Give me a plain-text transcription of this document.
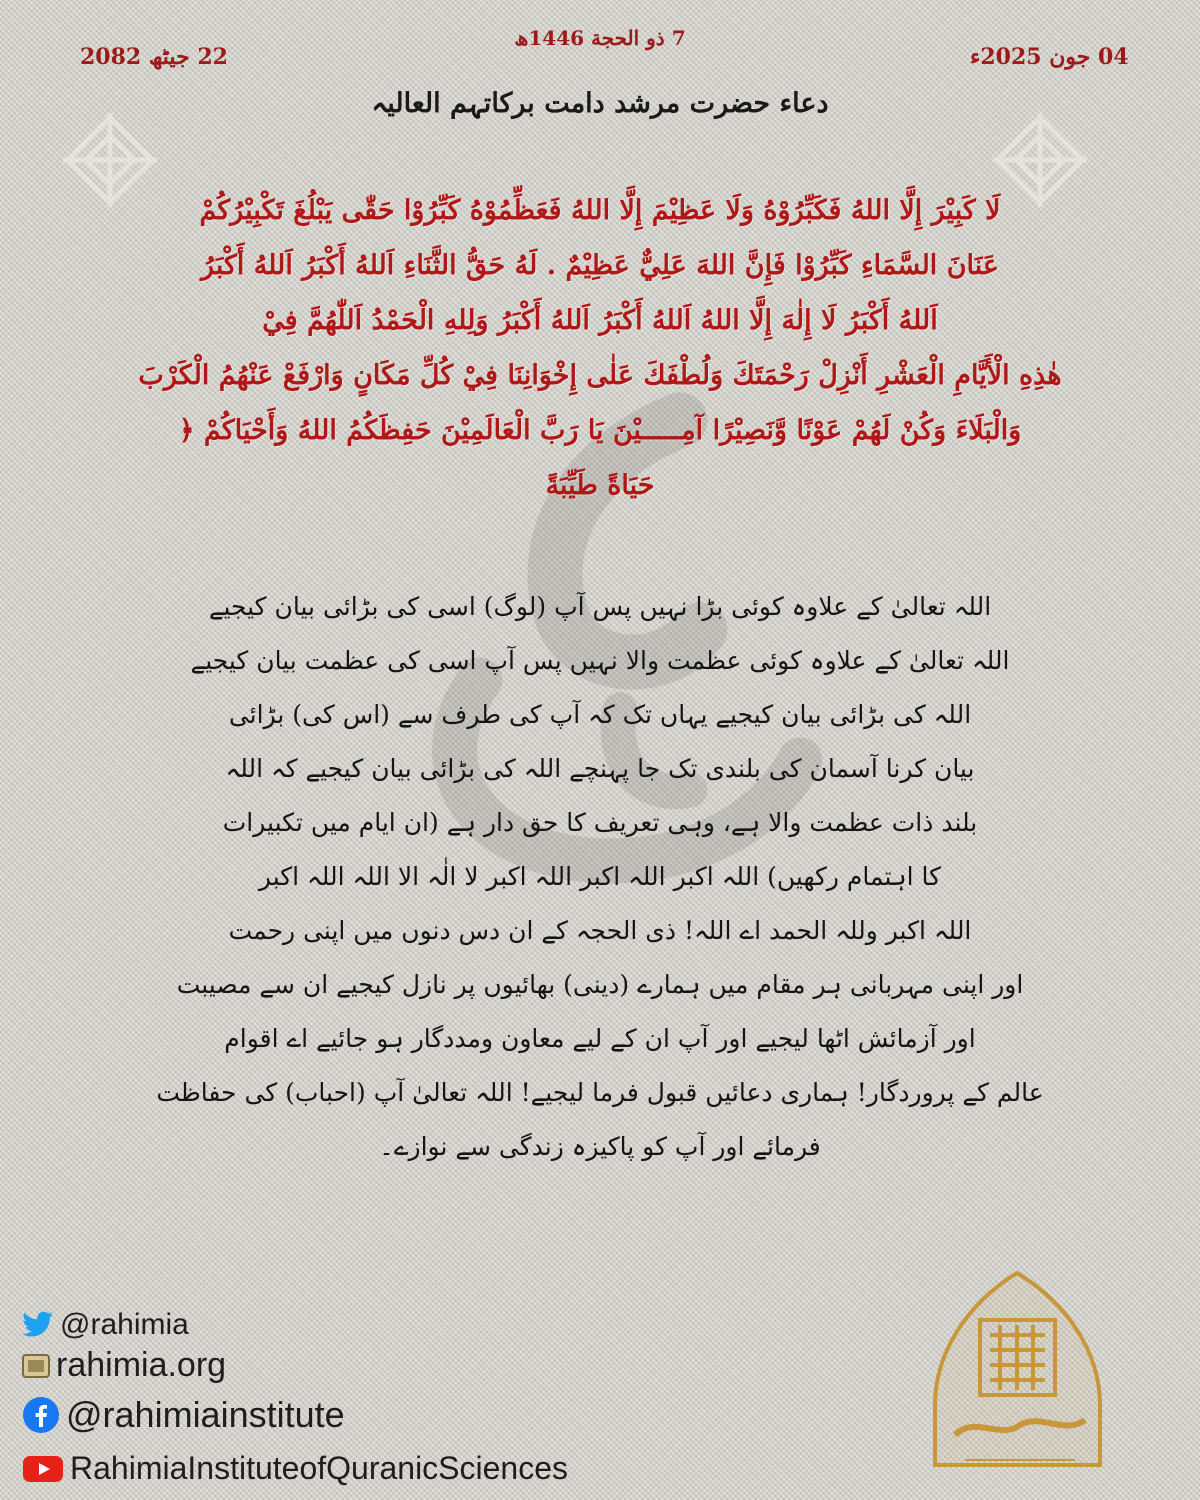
7 ذو الحجة 1446ھ
22 جیٹھ 2082	04 جون 2025ء
دعاء حضرت مرشد دامت برکاتہم العالیہ

لَا كَبِيْرَ إِلَّا اللهُ فَكَبِّرُوْهُ وَلَا عَظِيْمَ إِلَّا اللهُ فَعَظِّمُوْهُ كَبِّرُوْا حَقّٰى يَبْلُغَ تَكْبِيْرُكُمْ

عَنَانَ السَّمَاءِ كَبِّرُوْا فَإِنَّ اللهَ عَلِيٌّ عَظِيْمٌ . لَهُ حَقُّ الثَّنَاءِ اَللهُ أَكْبَرُ اَللهُ أَكْبَرُ

اَللهُ أَكْبَرُ لَا إِلٰهَ إِلَّا اللهُ اَللهُ أَكْبَرُ اَللهُ أَكْبَرُ وَلِلهِ الْحَمْدُ اَللّٰهُمَّ فِيْ

هٰذِهِ الْأَيَّامِ الْعَشْرِ أَنْزِلْ رَحْمَتَكَ وَلُطْفَكَ عَلٰى إِخْوَانِنَا فِيْ كُلِّ مَكَانٍ وَارْفَعْ عَنْهُمُ الْكَرْبَ

وَالْبَلَاءَ وَكُنْ لَهُمْ عَوْنًا وَّنَصِيْرًا آمِـــــيْنَ يَا رَبَّ الْعَالَمِيْنَ حَفِظَكُمُ اللهُ وَأَحْيَاكُمْ ﴿

حَيَاةً طَيِّبَةً

اللہ تعالیٰ کے علاوہ کوئی بڑا نہیں پس آپ (لوگ) اسی کی بڑائی بیان کیجیے

اللہ تعالیٰ کے علاوہ کوئی عظمت والا نہیں پس آپ اسی کی عظمت بیان کیجیے

اللہ کی بڑائی بیان کیجیے یہاں تک کہ آپ کی طرف سے (اس کی) بڑائی

بیان کرنا آسمان کی بلندی تک جا پہنچے اللہ کی بڑائی بیان کیجیے کہ اللہ

بلند ذات عظمت والا ہے، وہی تعریف کا حق دار ہے (ان ایام میں تکبیرات

کا اہتمام رکھیں) اللہ اکبر اللہ اکبر اللہ اکبر لا الٰہ الا اللہ اللہ اکبر

اللہ اکبر وللہ الحمد اے اللہ! ذی الحجہ کے ان دس دنوں میں اپنی رحمت

اور اپنی مہربانی ہر مقام میں ہمارے (دینی) بھائیوں پر نازل کیجیے ان سے مصیبت

اور آزمائش اٹھا لیجیے اور آپ ان کے لیے معاون ومددگار ہو جائیے اے اقوام

عالم کے پروردگار! ہماری دعائیں قبول فرما لیجیے! اللہ تعالیٰ آپ (احباب) کی حفاظت

فرمائے اور آپ کو پاکیزہ زندگی سے نوازے۔

@rahimia
rahimia.org
@rahimiainstitute
RahimiaInstituteofQuranicSciences
